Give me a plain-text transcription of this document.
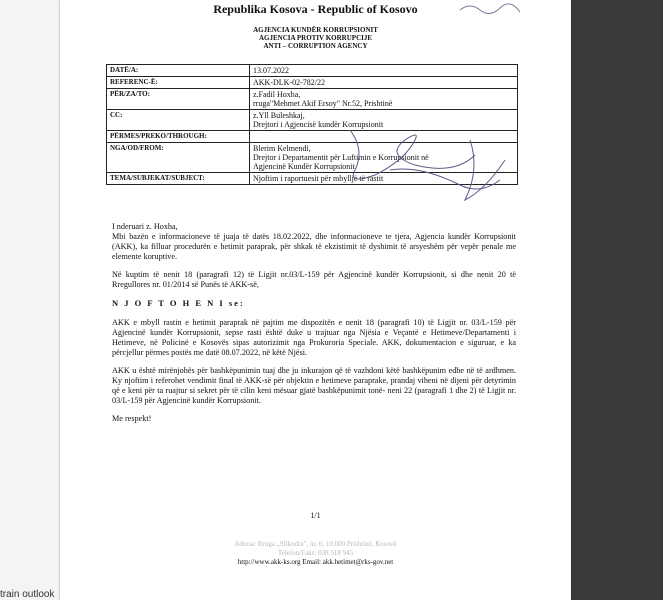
train outlook
Republika Kosova - Republic of Kosovo
AGJENCIA KUNDËR KORRUPSIONIT
AGJENCIA PROTIV KORRUPCIJE
ANTI – CORRUPTION AGENCY
DATË/A:	13.07.2022
REFERENC-Ë:	AKK-DLK-02-782/22
PËR/ZA/TO:	z.Fadil Hoxha,
rruga"Mehmet Akif Ersoy" Nr.52, Prishtinë

CC:	z.Yll Buleshkaj,
Drejtori i Agjencisë kundër Korrupsionit

PËRMES/PREKO/THROUGH:	
NGA/OD/FROM:	Blerim Kelmendi,
Drejtor i Departamentit për Luftimin e Korrupsionit në
Agjencinë Kundër Korrupsionit

TEMA/SUBJEKAT/SUBJECT:	Njoftim i raportuesit për mbylljë të rastit

I nderuari z. Hoxha,

Mbi bazën e informacioneve të juaja të datës 18.02.2022, dhe informacioneve te tjera, Agjencia kundër Korrupsionit (AKK), ka filluar procedurën e hetimit paraprak, për shkak të ekzistimit të dyshimit të arsyeshëm për vepër penale me elemente koruptive.

Në kuptim të nenit 18 (paragrafi 12) të Ligjit nr.03/L-159 për Agjencinë kundër Korrupsionit, si dhe nenit 20 të Rregullores nr. 01/2014 së Punës të AKK-së,

N J O F T O H E N I se:

AKK e mbyll rastin e hetimit paraprak në pajtim me dispozitën e nenit 18 (paragrafi 10) të Ligjit nr. 03/L-159 për Agjencinë kundër Korrupsionit, sepse rasti është duke u trajtuar nga Njësia e Veçantë e Hetimeve/Departamenti i Hetimeve, në Policinë e Kosovës sipas autorizimit nga Prokuroria Speciale. AKK, dokumentacion e siguruar, e ka përcjellur përmes postës me datë 08.07.2022, në këtë Njësi.

AKK u është mirënjohës për bashkëpunimin tuaj dhe ju inkurajon që të vazhdoni këtë bashkëpunim edhe në të ardhmen. Ky njoftim i referohet vendimit final të AKK-së për objektin e hetimeve paraprake, prandaj viheni në dijeni për detyrimin që e keni për ta ruajtur si sekret për të cilin keni mësuar gjatë bashkëpunimit tonë- neni 22 (paragrafi 1 dhe 2) të Ligjit nr. 03/L-159 për Agjencinë kundër Korrupsionit.

Me respekt!

1/1
Adresa: Rruga „Sllkodra", nr. 6, 10.000 Prishtinë, Kosovë
Telefon/Faks: 038 518 945
http://www.akk-ks.org Email: akk.hetimet@rks-gov.net
